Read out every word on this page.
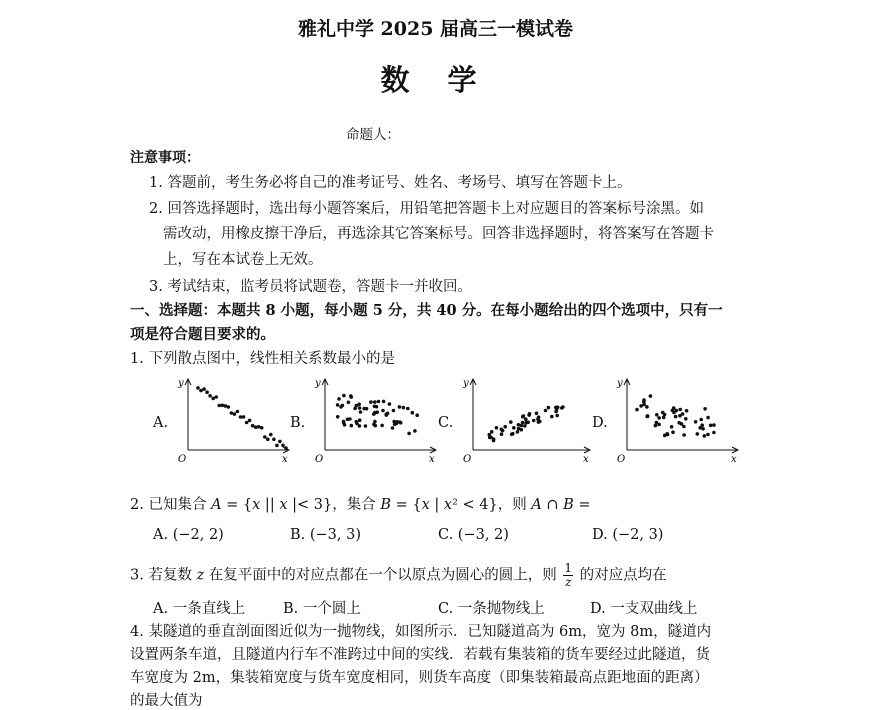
雅礼中学 2025 届高三一模试卷
数 学
命题人：
注意事项：
1. 答题前，考生务必将自己的准考证号、姓名、考场号、填写在答题卡上。
2. 回答选择题时，选出每小题答案后，用铅笔把答题卡上对应题目的答案标号涂黑。如
需改动，用橡皮擦干净后，再选涂其它答案标号。回答非选择题时，将答案写在答题卡
上，写在本试卷上无效。
3. 考试结束，监考员将试题卷，答题卡一并收回。
一、选择题：本题共 8 小题，每小题 5 分，共 40 分。在每小题给出的四个选项中，只有一
项是符合题目要求的。
1. 下列散点图中，线性相关系数最小的是
A.	B.	C.	D.
y
x
O
y
x
O
y
x
O
y
x
O
2. 已知集合 A = {x || x |< 3}，集合 B = {x | x² < 4}，则 A ∩ B =
A. (−2, 2)	B. (−3, 3)	C. (−3, 2)	D. (−2, 3)
3. 若复数 z 在复平面中的对应点都在一个以原点为圆心的圆上，则 $\frac{1}{z}$ 的对应点均在
A. 一条直线上	B. 一个圆上	C. 一条抛物线上	D. 一支双曲线上
4. 某隧道的垂直剖面图近似为一抛物线，如图所示．已知隧道高为 6m，宽为 8m，隧道内
设置两条车道，且隧道内行车不准跨过中间的实线．若载有集装箱的货车要经过此隧道，货
车宽度为 2m，集装箱宽度与货车宽度相同，则货车高度（即集装箱最高点距地面的距离）
的最大值为
